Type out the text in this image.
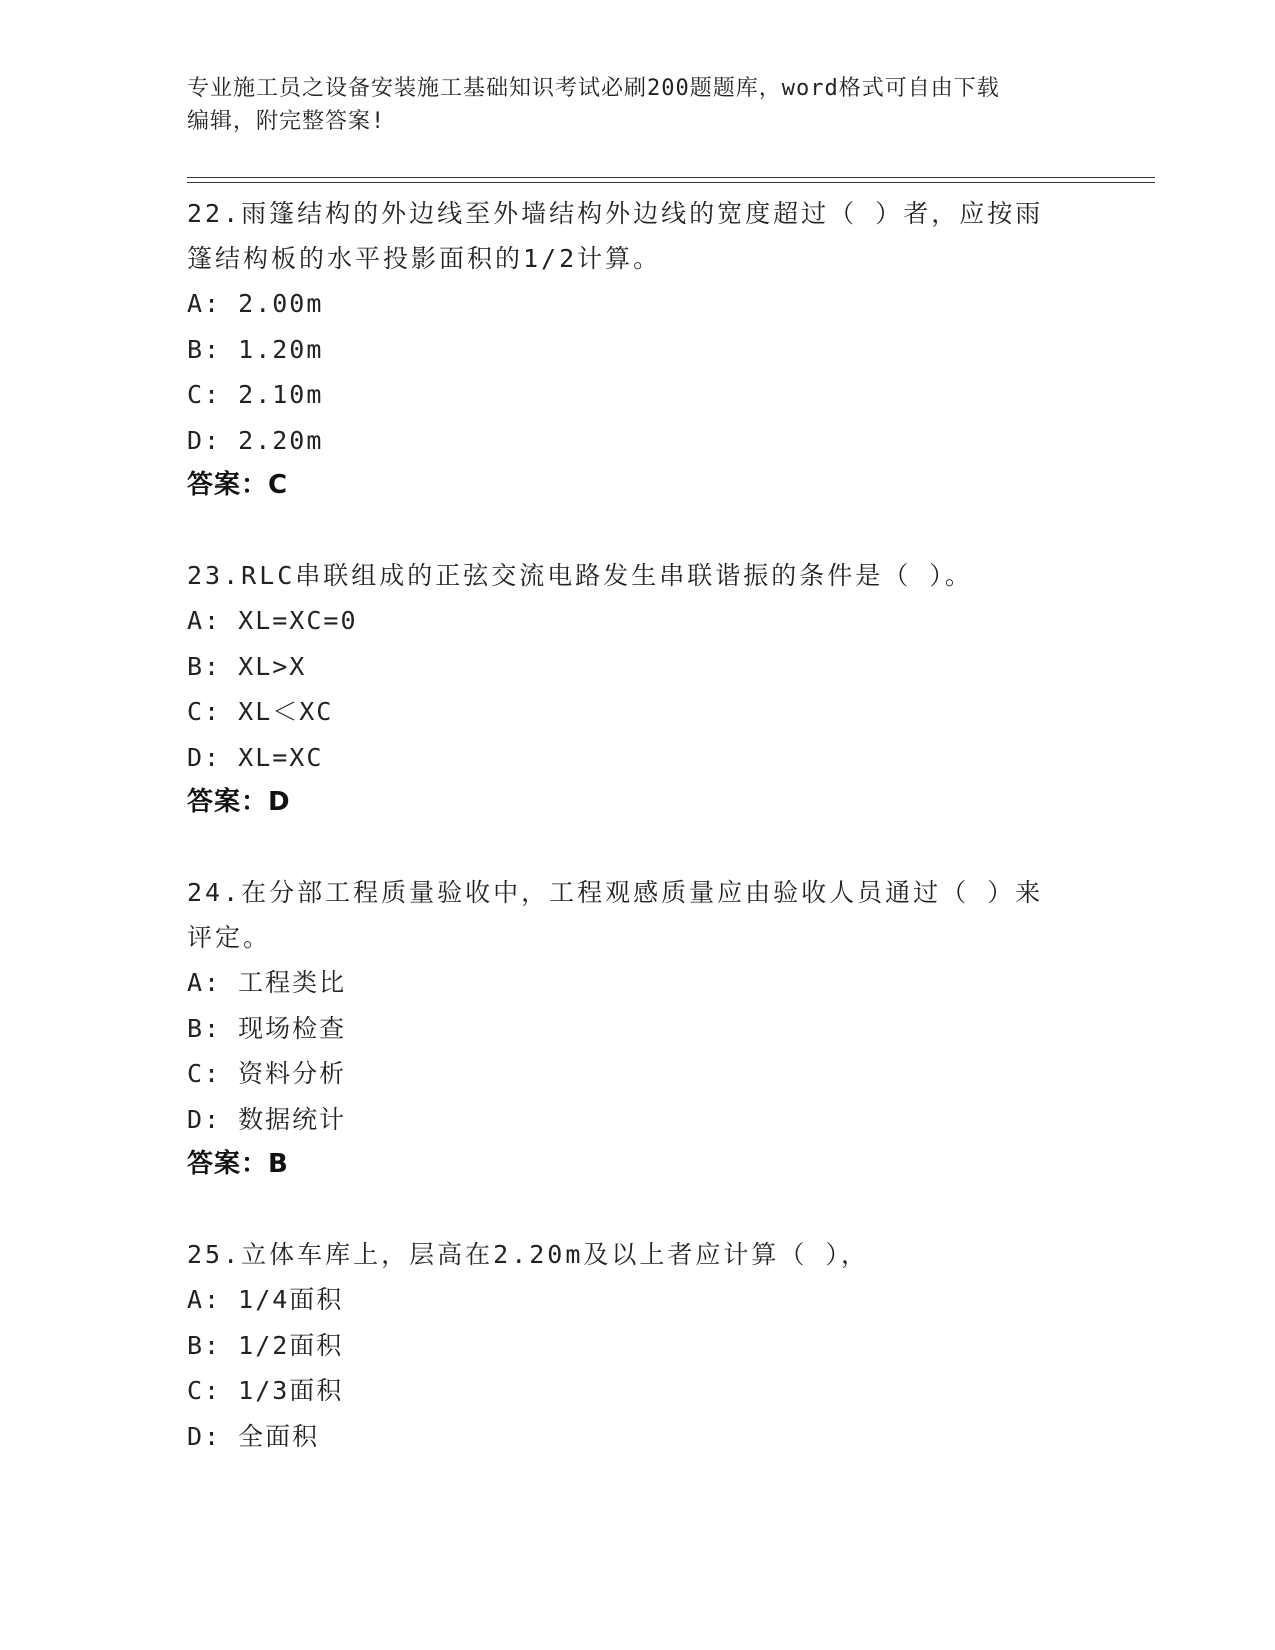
专业施工员之设备安装施工基础知识考试必刷200题题库，word格式可自由下载
编辑，附完整答案!
22.雨篷结构的外边线至外墙结构外边线的宽度超过（ ）者，应按雨
篷结构板的水平投影面积的1/2计算。
A: 2.00m
B: 1.20m
C: 2.10m
D: 2.20m
答案：C
23.RLC串联组成的正弦交流电路发生串联谐振的条件是（ ）。
A: XL=XC=0
B: XL>X
C: XL＜XC
D: XL=XC
答案：D
24.在分部工程质量验收中，工程观感质量应由验收人员通过（ ）来
评定。
A: 工程类比
B: 现场检查
C: 资料分析
D: 数据统计
答案：B
25.立体车库上，层高在2.20m及以上者应计算（ ），
A: 1/4面积
B: 1/2面积
C: 1/3面积
D: 全面积
